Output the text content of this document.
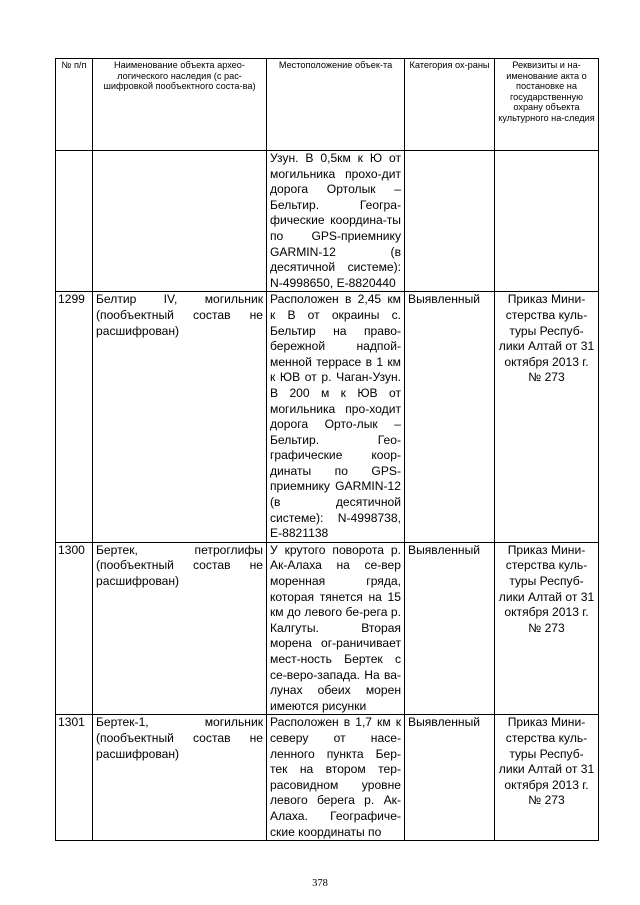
№ п/п	Наименование объекта архео-логического наследия (с рас-шифровкой пообъектного соста-ва)	Местоположение объек-та	Категория ох-раны	Реквизиты и на-именование акта о постановке на государственную охрану объекта культурного на-следия
		Узун. В 0,5км к Ю от могильника прохо-дит дорога Ортолык – Бельтир. Геогра-фические координа-ты по GPS-приемнику GARMIN-12 (в десятичной системе): N-4998650, Е-8820440		
1299	Белтир IV, могильник (пообъектный состав не расшифрован)	Расположен в 2,45 км к В от окраины с. Бельтир на право-бережной надпой-менной террасе в 1 км к ЮВ от р. Чаган-Узун. В 200 м к ЮВ от могильника про-ходит дорога Орто-лык – Бельтир. Гео-графические коор-динаты по GPS-приемнику GARMIN-12 (в десятичной системе): N-4998738, Е-8821138	Выявленный	Приказ Мини-стерства куль-туры Респуб-лики Алтай от 31 октября 2013 г. № 273
1300	Бертек, петроглифы (пообъектный состав не расшифрован)	У крутого поворота р. Ак-Алаха на се-вер моренная гряда, которая тянется на 15 км до левого бе-рега р. Калгуты. Вторая морена ог-раничивает мест-ность Бертек с се-веро-запада. На ва-лунах обеих морен имеются рисунки	Выявленный	Приказ Мини-стерства куль-туры Респуб-лики Алтай от 31 октября 2013 г. № 273
1301	Бертек-1, могильник (пообъектный состав не расшифрован)	Расположен в 1,7 км к северу от насе-ленного пункта Бер-тек на втором тер-расовидном уровне левого берега р. Ак-Алаха. Географиче-ские координаты по	Выявленный	Приказ Мини-стерства куль-туры Респуб-лики Алтай от 31 октября 2013 г. № 273
378
